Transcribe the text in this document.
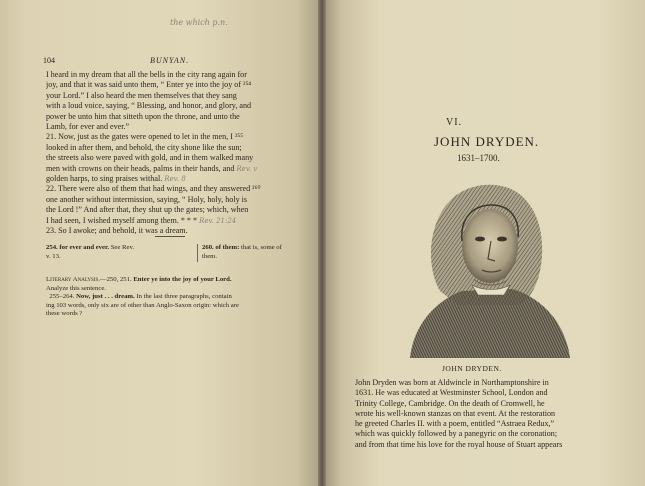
the which p.n.
104	BUNYAN.
I heard in my dream that all the bells in the city rang again for
joy, and that it was said unto them, “ Enter ye into the joy of ²⁵⁴
your Lord.” I also heard the men themselves that they sang
with a loud voice, saying, “ Blessing, and honor, and glory, and
power be unto him that sitteth upon the throne, and unto the
Lamb, for ever and ever.”
21. Now, just as the gates were opened to let in the men, I ²⁵⁵
looked in after them, and behold, the city shone like the sun;
the streets also were paved with gold, and in them walked many
men with crowns on their heads, palms in their hands, and Rev. v
golden harps, to sing praises withal. Rev. 8
22. There were also of them that had wings, and they answered ²⁶⁰
one another without intermission, saying, “ Holy, holy, holy is
the Lord !” And after that, they shut up the gates; which, when
I had seen, I wished myself among them. * * * Rev. 21:24
23. So I awoke; and behold, it was a dream.
254. for ever and ever. See Rev.
v. 13.
260. of them: that is, some of
them.
Literary Analysis.—250, 251. Enter ye into the joy of your Lord.
Analyze this sentence.
255–264. Now, just . . . dream. In the last three paragraphs, contain
ing 103 words, only six are of other than Anglo-Saxon origin: which are
these words ?
VI.
JOHN DRYDEN.
1631–1700.
JOHN DRYDEN.
John Dryden was born at Aldwincle in Northamptonshire in
1631. He was educated at Westminster School, London and
Trinity College, Cambridge. On the death of Cromwell, he
wrote his well-known stanzas on that event. At the restoration
he greeted Charles II. with a poem, entitled “Astraea Redux,”
which was quickly followed by a panegyric on the coronation;
and from that time his love for the royal house of Stuart appears
